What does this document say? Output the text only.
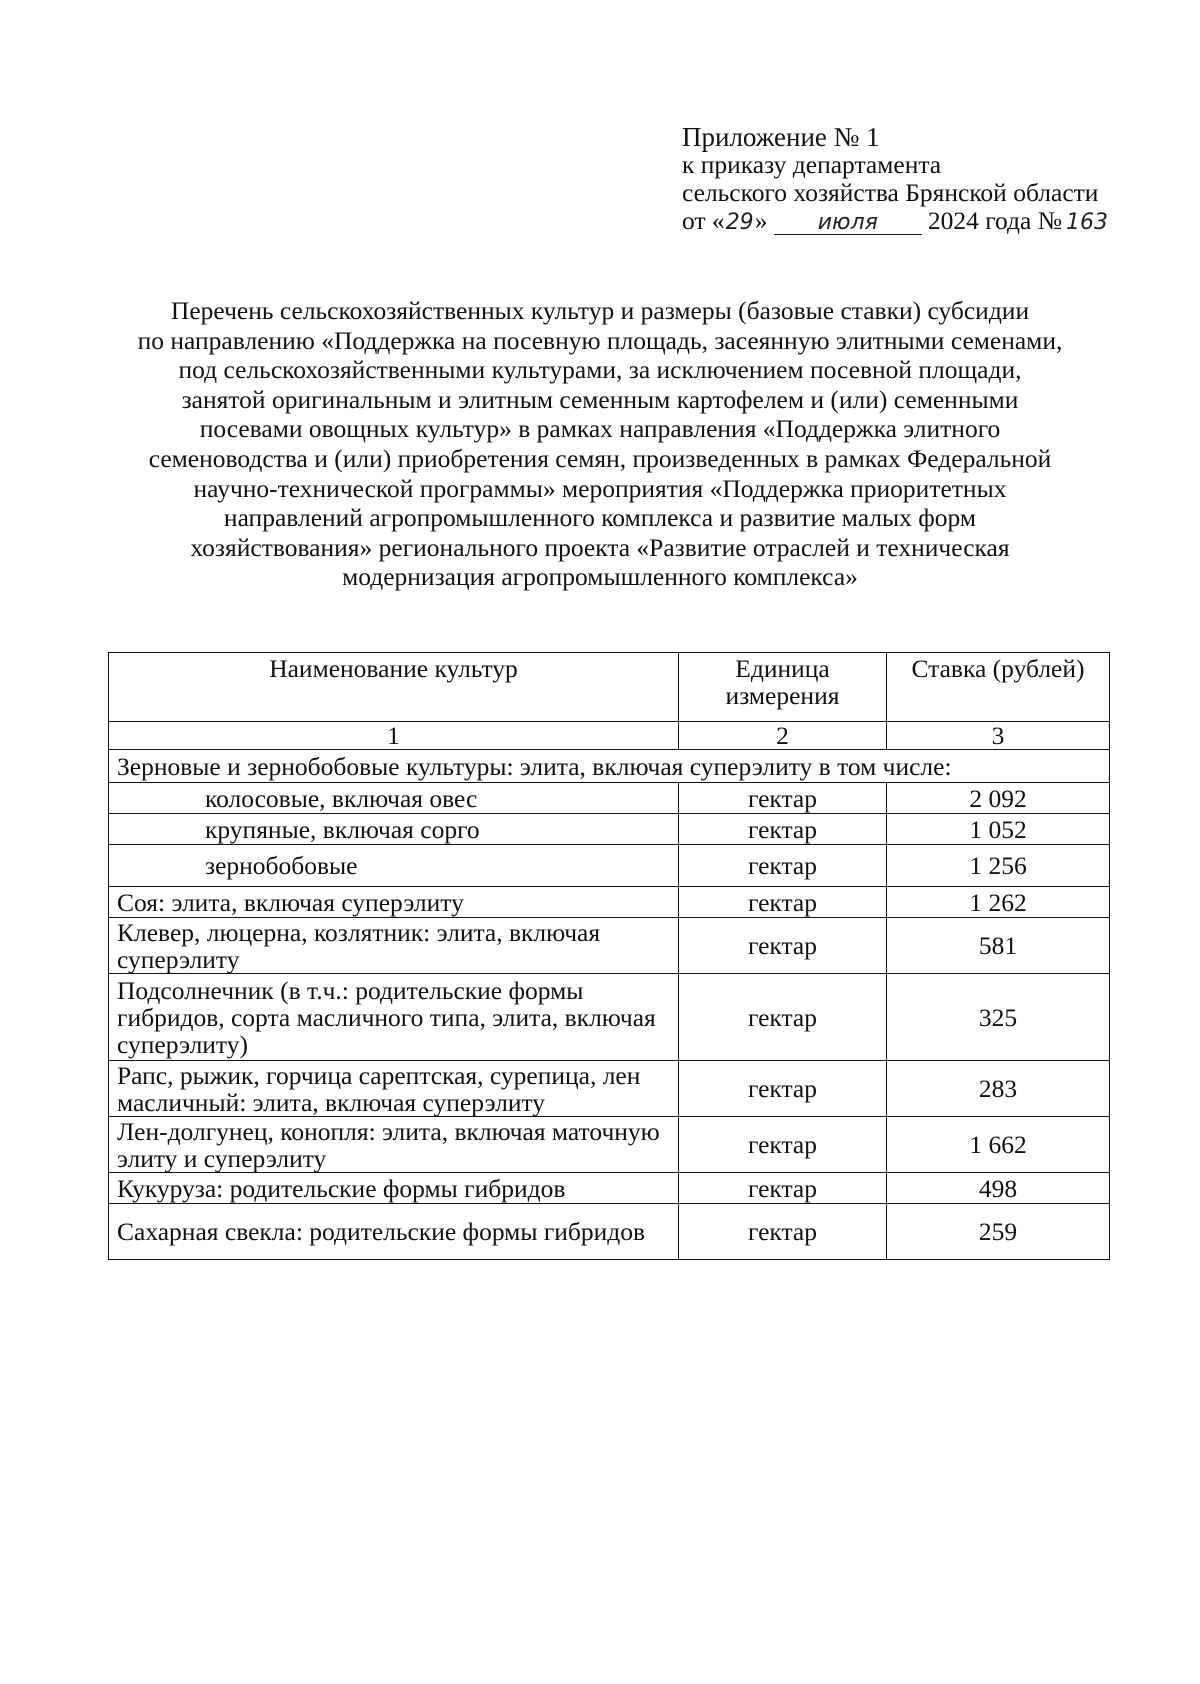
Приложение № 1
к приказу департамента
сельского хозяйства Брянской области
от «29» июля 2024 года № 163
Перечень сельскохозяйственных культур и размеры (базовые ставки) субсидии
по направлению «Поддержка на посевную площадь, засеянную элитными семенами,
под сельскохозяйственными культурами, за исключением посевной площади,
занятой оригинальным и элитным семенным картофелем и (или) семенными
посевами овощных культур» в рамках направления «Поддержка элитного
семеноводства и (или) приобретения семян, произведенных в рамках Федеральной
научно-технической программы» мероприятия «Поддержка приоритетных
направлений агропромышленного комплекса и развитие малых форм
хозяйствования» регионального проекта «Развитие отраслей и техническая
модернизация агропромышленного комплекса»
Наименование культур	Единица измерения	Ставка (рублей)
1	2	3
Зерновые и зернобобовые культуры: элита, включая суперэлиту в том числе:		
колосовые, включая овес	гектар	2 092
крупяные, включая сорго	гектар	1 052
зернобобовые	гектар	1 256
Соя: элита, включая суперэлиту	гектар	1 262
Клевер, люцерна, козлятник: элита, включая суперэлиту	гектар	581
Подсолнечник (в т.ч.: родительские формы гибридов, сорта масличного типа, элита, включая суперэлиту)	гектар	325
Рапс, рыжик, горчица сарептская, сурепица, лен масличный: элита, включая суперэлиту	гектар	283
Лен-долгунец, конопля: элита, включая маточную элиту и суперэлиту	гектар	1 662
Кукуруза: родительские формы гибридов	гектар	498
Сахарная свекла: родительские формы гибридов	гектар	259
